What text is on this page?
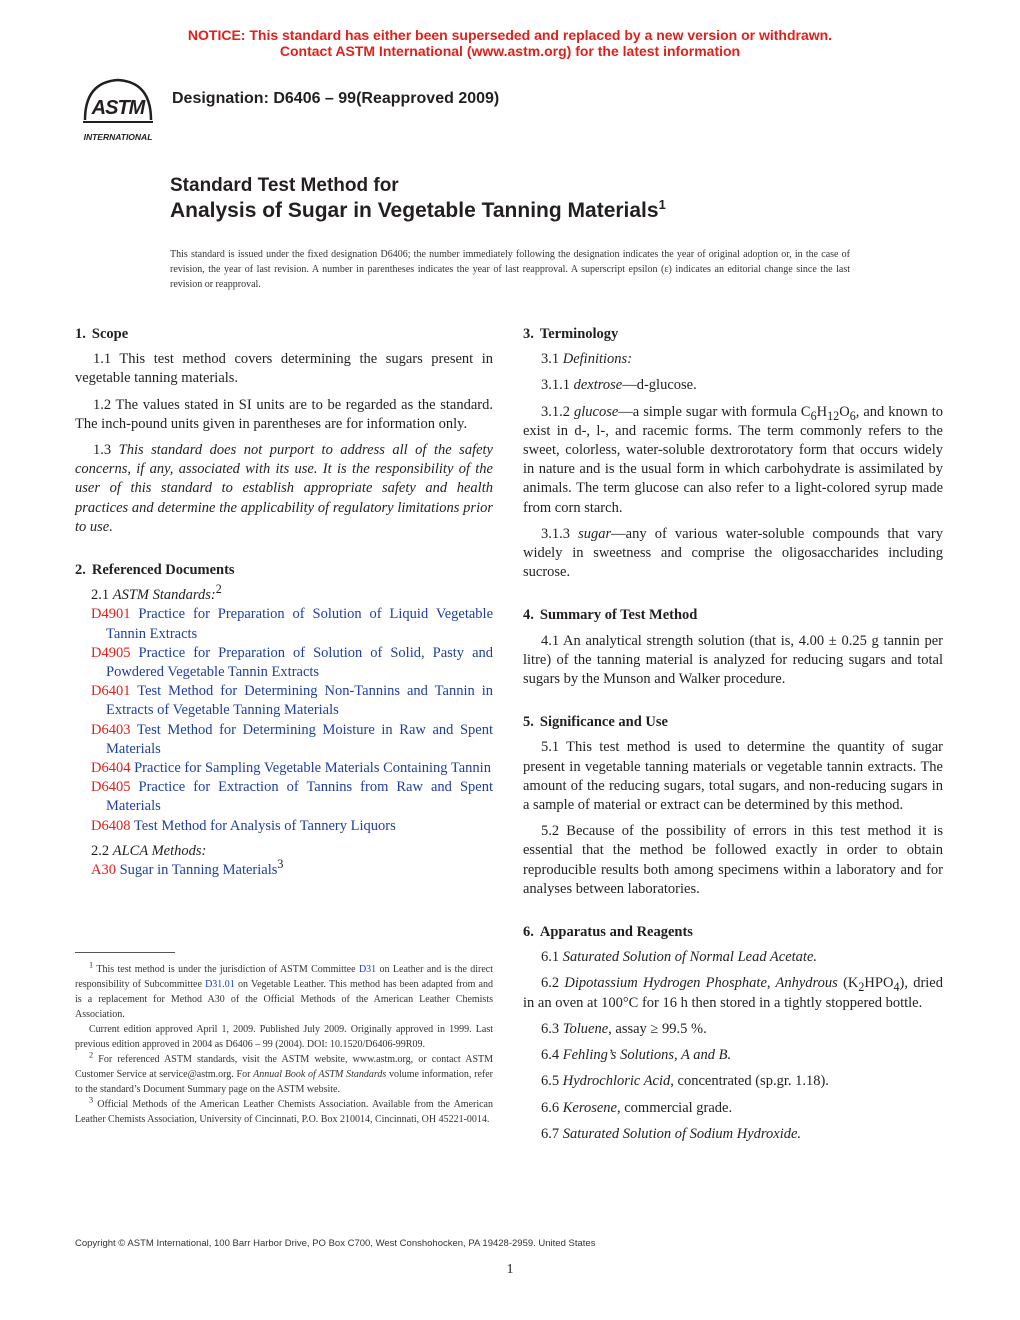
NOTICE: This standard has either been superseded and replaced by a new version or withdrawn.
Contact ASTM International (www.astm.org) for the latest information
ASTM
INTERNATIONAL
Designation: D6406 – 99(Reapproved 2009)
Standard Test Method for
Analysis of Sugar in Vegetable Tanning Materials$^1$
This standard is issued under the fixed designation D6406; the number immediately following the designation indicates the year of original adoption or, in the case of revision, the year of last revision. A number in parentheses indicates the year of last reapproval. A superscript epsilon (ε) indicates an editorial change since the last revision or reapproval.
1. Scope

1.1 This test method covers determining the sugars present in vegetable tanning materials.

1.2 The values stated in SI units are to be regarded as the standard. The inch-pound units given in parentheses are for information only.

1.3 This standard does not purport to address all of the safety concerns, if any, associated with its use. It is the responsibility of the user of this standard to establish appropriate safety and health practices and determine the applicability of regulatory limitations prior to use.

2. Referenced Documents

2.1 ASTM Standards:$^2$

D4901 Practice for Preparation of Solution of Liquid Vegetable Tannin Extracts

D4905 Practice for Preparation of Solution of Solid, Pasty and Powdered Vegetable Tannin Extracts

D6401 Test Method for Determining Non-Tannins and Tannin in Extracts of Vegetable Tanning Materials

D6403 Test Method for Determining Moisture in Raw and Spent Materials

D6404 Practice for Sampling Vegetable Materials Containing Tannin

D6405 Practice for Extraction of Tannins from Raw and Spent Materials

D6408 Test Method for Analysis of Tannery Liquors

2.2 ALCA Methods:

A30 Sugar in Tanning Materials$^3$

3. Terminology

3.1 Definitions:

3.1.1 dextrose—d-glucose.

3.1.2 glucose—a simple sugar with formula $C_6H_{12}O_6$, and known to exist in d-, l-, and racemic forms. The term commonly refers to the sweet, colorless, water-soluble dextrorotatory form that occurs widely in nature and is the usual form in which carbohydrate is assimilated by animals. The term glucose can also refer to a light-colored syrup made from corn starch.

3.1.3 sugar—any of various water-soluble compounds that vary widely in sweetness and comprise the oligosaccharides including sucrose.

4. Summary of Test Method

4.1 An analytical strength solution (that is, 4.00 ± 0.25 g tannin per litre) of the tanning material is analyzed for reducing sugars and total sugars by the Munson and Walker procedure.

5. Significance and Use

5.1 This test method is used to determine the quantity of sugar present in vegetable tanning materials or vegetable tannin extracts. The amount of the reducing sugars, total sugars, and non-reducing sugars in a sample of material or extract can be determined by this method.

5.2 Because of the possibility of errors in this test method it is essential that the method be followed exactly in order to obtain reproducible results both among specimens within a laboratory and for analyses between laboratories.

6. Apparatus and Reagents

6.1 Saturated Solution of Normal Lead Acetate.

6.2 Dipotassium Hydrogen Phosphate, Anhydrous $(K_2HPO_4)$, dried in an oven at 100°C for 16 h then stored in a tightly stoppered bottle.

6.3 Toluene, assay ≥ 99.5 %.

6.4 Fehling’s Solutions, A and B.

6.5 Hydrochloric Acid, concentrated (sp.gr. 1.18).

6.6 Kerosene, commercial grade.

6.7 Saturated Solution of Sodium Hydroxide.

$^1$ This test method is under the jurisdiction of ASTM Committee D31 on Leather and is the direct responsibility of Subcommittee D31.01 on Vegetable Leather. This method has been adapted from and is a replacement for Method A30 of the Official Methods of the American Leather Chemists Association.

Current edition approved April 1, 2009. Published July 2009. Originally approved in 1999. Last previous edition approved in 2004 as D6406 – 99 (2004). DOI: 10.1520/D6406-99R09.

$^2$ For referenced ASTM standards, visit the ASTM website, www.astm.org, or contact ASTM Customer Service at service@astm.org. For Annual Book of ASTM Standards volume information, refer to the standard’s Document Summary page on the ASTM website.

$^3$ Official Methods of the American Leather Chemists Association. Available from the American Leather Chemists Association, University of Cincinnati, P.O. Box 210014, Cincinnati, OH 45221-0014.

Copyright © ASTM International, 100 Barr Harbor Drive, PO Box C700, West Conshohocken, PA 19428-2959. United States
1
